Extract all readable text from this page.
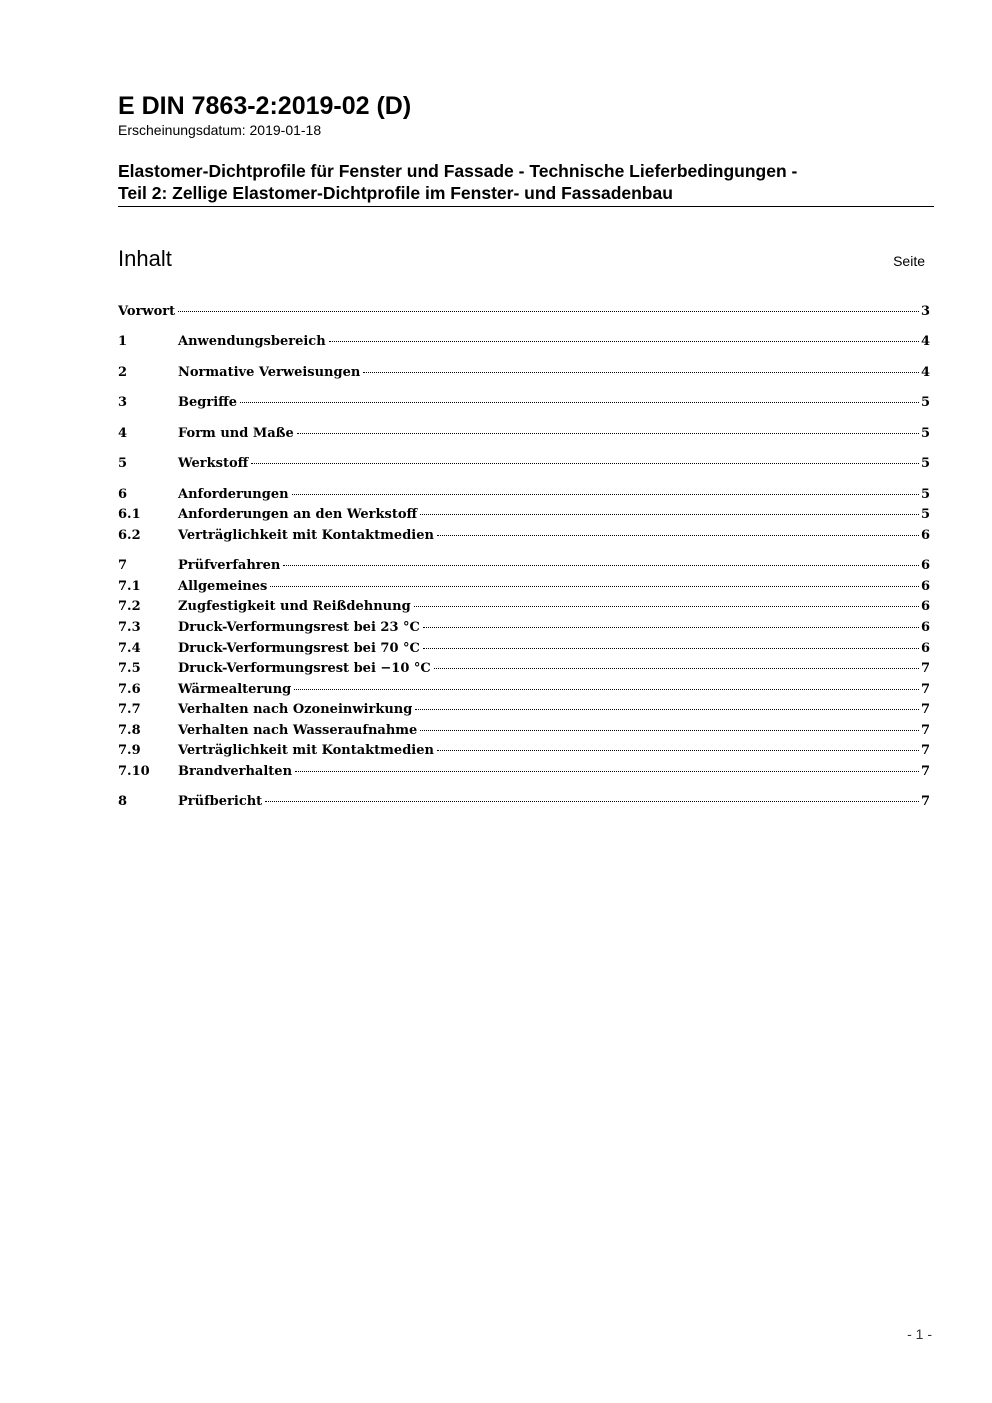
E DIN 7863-2:2019-02 (D)
Erscheinungsdatum: 2019-01-18
Elastomer-Dichtprofile für Fenster und Fassade - Technische Lieferbedingungen -
Teil 2: Zellige Elastomer-Dichtprofile im Fenster- und Fassadenbau
Inhalt	Seite
Vorwort	3
1	Anwendungsbereich	4
2	Normative Verweisungen	4
3	Begriffe	5
4	Form und Maße	5
5	Werkstoff	5
6	Anforderungen	5
6.1	Anforderungen an den Werkstoff	5
6.2	Verträglichkeit mit Kontaktmedien	6
7	Prüfverfahren	6
7.1	Allgemeines	6
7.2	Zugfestigkeit und Reißdehnung	6
7.3	Druck-Verformungsrest bei 23 °C	6
7.4	Druck-Verformungsrest bei 70 °C	6
7.5	Druck-Verformungsrest bei −10 °C	7
7.6	Wärmealterung	7
7.7	Verhalten nach Ozoneinwirkung	7
7.8	Verhalten nach Wasseraufnahme	7
7.9	Verträglichkeit mit Kontaktmedien	7
7.10	Brandverhalten	7
8	Prüfbericht	7
- 1 -
